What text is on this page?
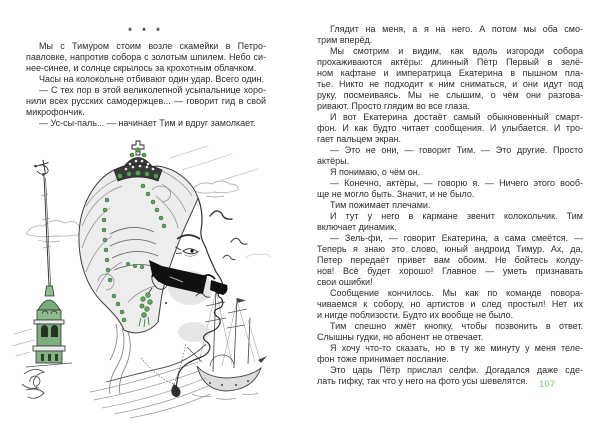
* * *
Мы с Тимуром стоим возле скамейки в Петро-
павловке, напротив собора с золотым шпилем. Небо си-
нее-синее, и солнце скрылось за крохотным облачком.
Часы на колокольне отбивают один удар. Всего один.
— С тех пор в этой великолепной усыпальнице хоро-
нили всех русских самодержцев... — говорит гид в свой
микрофончик.
— Ус-сы-паль... — начинает Тим и вдруг замолкает.
Глядит на меня, а я на него. А потом мы оба смо-
трим вперёд.
Мы смотрим и видим, как вдоль изгороди собора
прохаживаются актёры: длинный Пётр Первый в зелё-
ном кафтане и императрица Екатерина в пышном пла-
тье. Никто не подходит к ним сниматься, и они идут под
руку, посмеиваясь. Мы не слышим, о чём они разгова-
ривают. Просто глядим во все глаза.
И вот Екатерина достаёт самый обыкновенный смарт-
фон. И как будто читает сообщения. И улыбается. И тро-
гает пальцем экран.
— Это не они, — говорит Тим. — Это другие. Просто
актёры.
Я понимаю, о чём он.
— Конечно, актёры, — говорю я. — Ничего этого вооб-
ще не могло быть. Значит, и не было.
Тим пожимает плечами.
И тут у него в кармане звенит колокольчик. Тим
включает динамик.
— Зель-фи, — говорит Екатерина, а сама смеётся. —
Теперь я знаю это слово, юный андроид Тимур. Ах, да,
Петер передаёт привет вам обоим. Не бойтесь колду-
нов! Всё будет хорошо! Главное — уметь признавать
свои ошибки!
Сообщение кончилось. Мы как по команде повора-
чиваемся к собору, но артистов и след простыл! Нет их
и нигде поблизости. Будто их вообще не было.
Тим спешно жмёт кнопку, чтобы позвонить в ответ.
Слышны гудки, но абонент не отвечает.
Я хочу что-то сказать, но в ту же минуту у меня теле-
фон тоже принимает послание.
Это царь Пётр прислал селфи. Догадался даже сде-
лать гифку, так что у него на фото усы шевелятся.	107
